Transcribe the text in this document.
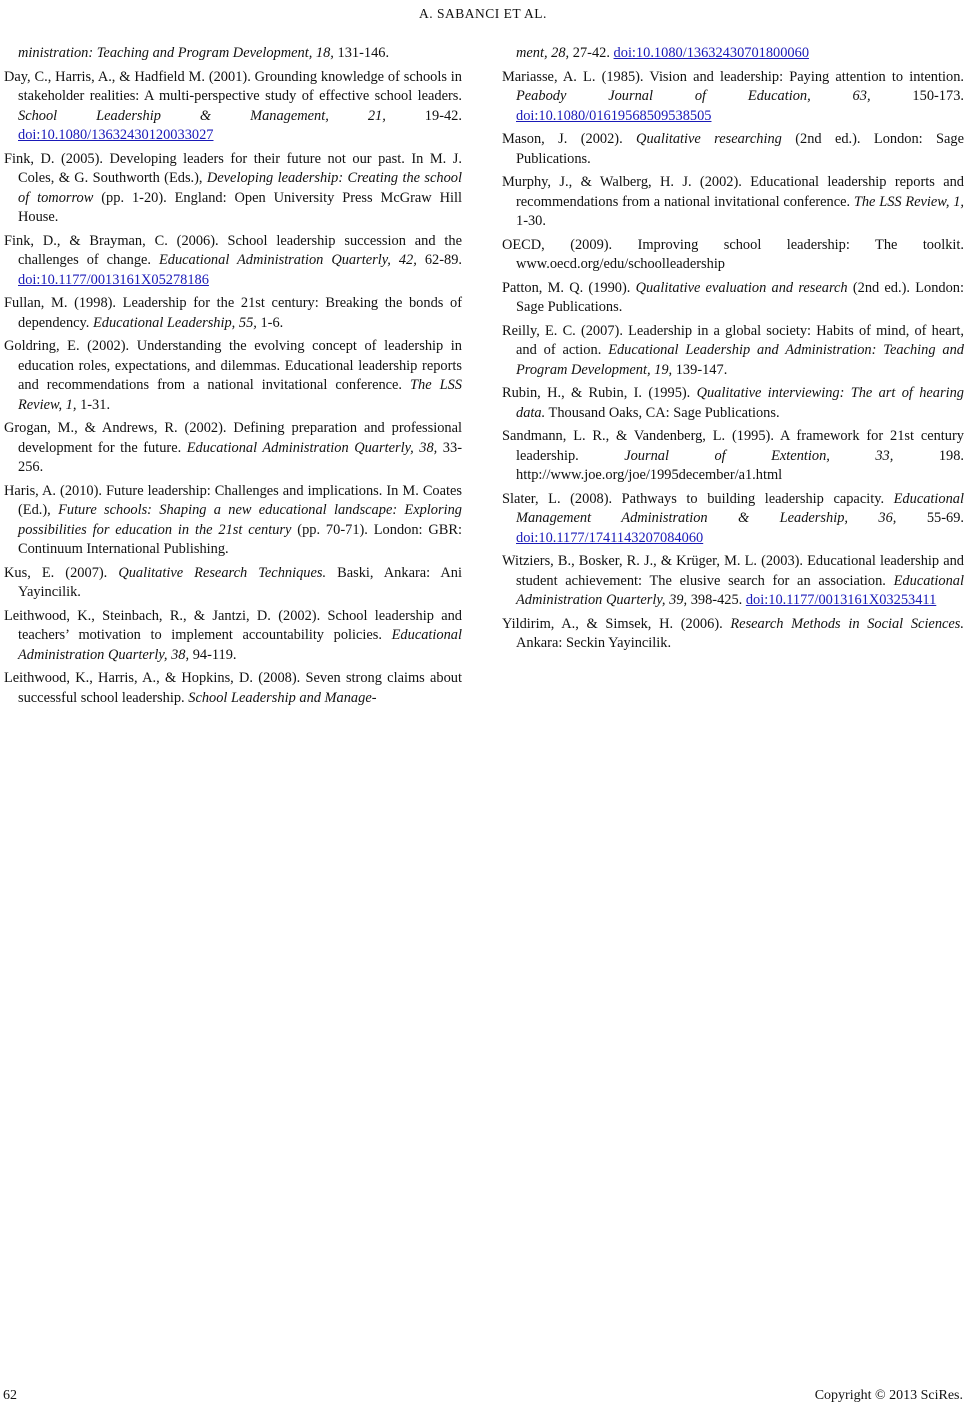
A. SABANCI ET AL.

ministration: Teaching and Program Development, 18, 131-146.

Day, C., Harris, A., & Hadfield M. (2001). Grounding knowledge of schools in stakeholder realities: A multi-perspective study of effective school leaders. School Leadership & Management, 21, 19-42. doi:10.1080/13632430120033027

Fink, D. (2005). Developing leaders for their future not our past. In M. J. Coles, & G. Southworth (Eds.), Developing leadership: Creating the school of tomorrow (pp. 1-20). England: Open University Press McGraw Hill House.

Fink, D., & Brayman, C. (2006). School leadership succession and the challenges of change. Educational Administration Quarterly, 42, 62-89. doi:10.1177/0013161X05278186

Fullan, M. (1998). Leadership for the 21st century: Breaking the bonds of dependency. Educational Leadership, 55, 1-6.

Goldring, E. (2002). Understanding the evolving concept of leadership in education roles, expectations, and dilemmas. Educational leadership reports and recommendations from a national invitational conference. The LSS Review, 1, 1-31.

Grogan, M., & Andrews, R. (2002). Defining preparation and professional development for the future. Educational Administration Quarterly, 38, 33-256.

Haris, A. (2010). Future leadership: Challenges and implications. In M. Coates (Ed.), Future schools: Shaping a new educational landscape: Exploring possibilities for education in the 21st century (pp. 70-71). London: GBR: Continuum International Publishing.

Kus, E. (2007). Qualitative Research Techniques. Baski, Ankara: Ani Yayincilik.

Leithwood, K., Steinbach, R., & Jantzi, D. (2002). School leadership and teachers’ motivation to implement accountability policies. Educational Administration Quarterly, 38, 94-119.

Leithwood, K., Harris, A., & Hopkins, D. (2008). Seven strong claims about successful school leadership. School Leadership and Manage-

ment, 28, 27-42. doi:10.1080/13632430701800060

Mariasse, A. L. (1985). Vision and leadership: Paying attention to intention. Peabody Journal of Education, 63, 150-173. doi:10.1080/01619568509538505

Mason, J. (2002). Qualitative researching (2nd ed.). London: Sage Publications.

Murphy, J., & Walberg, H. J. (2002). Educational leadership reports and recommendations from a national invitational conference. The LSS Review, 1, 1-30.

OECD, (2009). Improving school leadership: The toolkit. www.oecd.org/edu/schoolleadership

Patton, M. Q. (1990). Qualitative evaluation and research (2nd ed.). London: Sage Publications.

Reilly, E. C. (2007). Leadership in a global society: Habits of mind, of heart, and of action. Educational Leadership and Administration: Teaching and Program Development, 19, 139-147.

Rubin, H., & Rubin, I. (1995). Qualitative interviewing: The art of hearing data. Thousand Oaks, CA: Sage Publications.

Sandmann, L. R., & Vandenberg, L. (1995). A framework for 21st century leadership. Journal of Extention, 33, 198. http://www.joe.org/joe/1995december/a1.html

Slater, L. (2008). Pathways to building leadership capacity. Educational Management Administration & Leadership, 36, 55-69. doi:10.1177/1741143207084060

Witziers, B., Bosker, R. J., & Krüger, M. L. (2003). Educational leadership and student achievement: The elusive search for an association. Educational Administration Quarterly, 39, 398-425. doi:10.1177/0013161X03253411

Yildirim, A., & Simsek, H. (2006). Research Methods in Social Sciences. Ankara: Seckin Yayincilik.

62	Copyright © 2013 SciRes.
